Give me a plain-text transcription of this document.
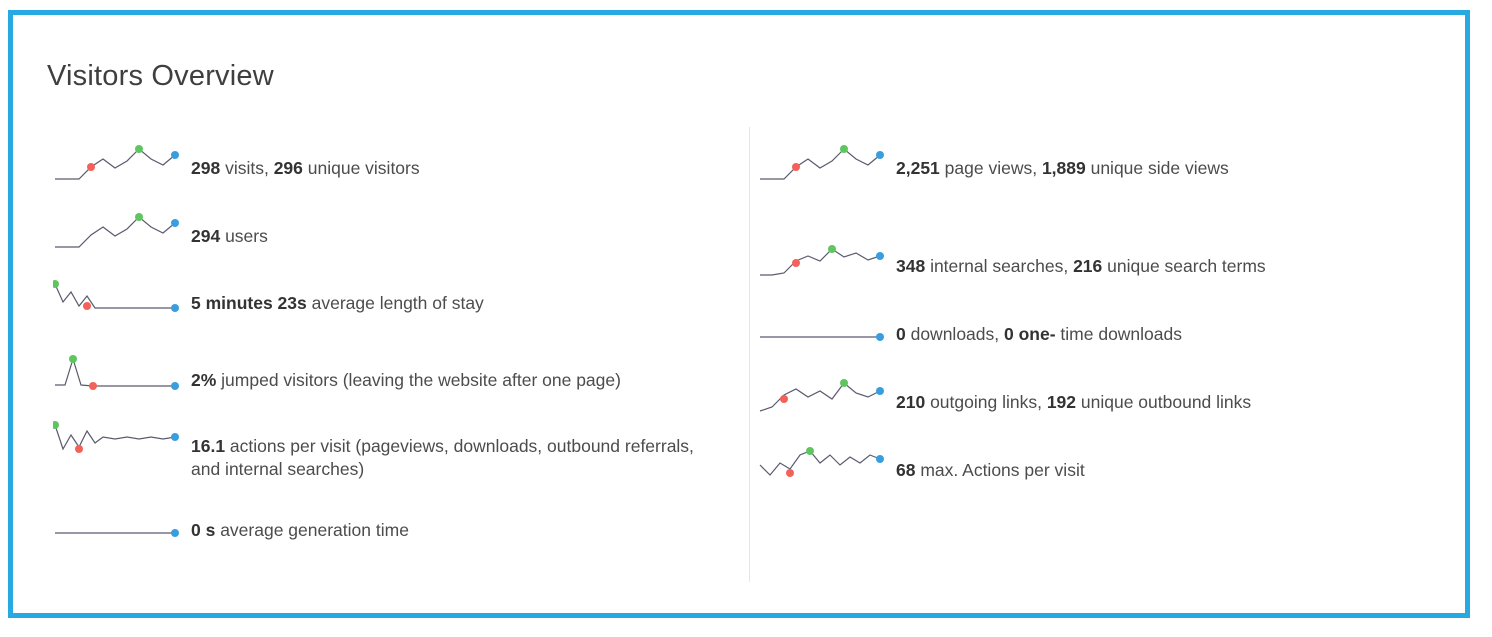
Visitors Overview
298 visits, 296 unique visitors
294 users
5 minutes 23s average length of stay
2% jumped visitors (leaving the website after one page)
16.1 actions per visit (pageviews, downloads, outbound referrals, and internal searches)
0 s average generation time
2,251 page views, 1,889 unique side views
348 internal searches, 216 unique search terms
0 downloads, 0 one- time downloads
210 outgoing links, 192 unique outbound links
68 max. Actions per visit
